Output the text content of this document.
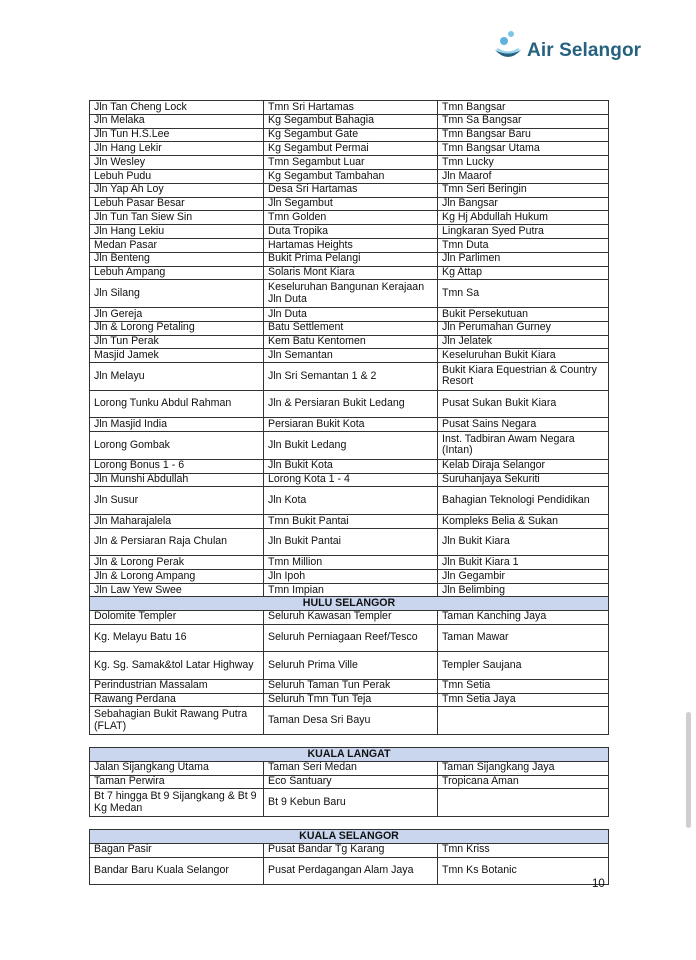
Air Selangor
Jln Tan Cheng Lock	Tmn Sri Hartamas	Tmn Bangsar
Jln Melaka	Kg Segambut Bahagia	Tmn Sa Bangsar
Jln Tun H.S.Lee	Kg Segambut Gate	Tmn Bangsar Baru
Jln Hang Lekir	Kg Segambut Permai	Tmn Bangsar Utama
Jln Wesley	Tmn Segambut Luar	Tmn Lucky
Lebuh Pudu	Kg Segambut Tambahan	Jln Maarof
Jln Yap Ah Loy	Desa Sri Hartamas	Tmn Seri Beringin
Lebuh Pasar Besar	Jln Segambut	Jln Bangsar
Jln Tun Tan Siew Sin	Tmn Golden	Kg Hj Abdullah Hukum
Jln Hang Lekiu	Duta Tropika	Lingkaran Syed Putra
Medan Pasar	Hartamas Heights	Tmn Duta
Jln Benteng	Bukit Prima Pelangi	Jln Parlimen
Lebuh Ampang	Solaris Mont Kiara	Kg Attap
Jln Silang	Keseluruhan Bangunan Kerajaan Jln Duta	Tmn Sa
Jln Gereja	Jln Duta	Bukit Persekutuan
Jln & Lorong Petaling	Batu Settlement	Jln Perumahan Gurney
Jln Tun Perak	Kem Batu Kentomen	Jln Jelatek
Masjid Jamek	Jln Semantan	Keseluruhan Bukit Kiara
Jln Melayu	Jln Sri Semantan 1 & 2	Bukit Kiara Equestrian & Country Resort
Lorong Tunku Abdul Rahman	Jln & Persiaran Bukit Ledang	Pusat Sukan Bukit Kiara
Jln Masjid India	Persiaran Bukit Kota	Pusat Sains Negara
Lorong Gombak	Jln Bukit Ledang	Inst. Tadbiran Awam Negara (Intan)
Lorong Bonus 1 - 6	Jln Bukit Kota	Kelab Diraja Selangor
Jln Munshi Abdullah	Lorong Kota 1 - 4	Suruhanjaya Sekuriti
Jln Susur	Jln Kota	Bahagian Teknologi Pendidikan
Jln Maharajalela	Tmn Bukit Pantai	Kompleks Belia & Sukan
Jln & Persiaran Raja Chulan	Jln Bukit Pantai	Jln Bukit Kiara
Jln & Lorong Perak	Tmn Million	Jln Bukit Kiara 1
Jln & Lorong Ampang	Jln Ipoh	Jln Gegambir
Jln Law Yew Swee	Tmn Impian	Jln Belimbing
HULU SELANGOR		
Dolomite Templer	Seluruh Kawasan Templer	Taman Kanching Jaya
Kg. Melayu Batu 16	Seluruh Perniagaan Reef/Tesco	Taman Mawar
Kg. Sg. Samak&tol Latar Highway	Seluruh Prima Ville	Templer Saujana
Perindustrian Massalam	Seluruh Taman Tun Perak	Tmn Setia
Rawang Perdana	Seluruh Tmn Tun Teja	Tmn Setia Jaya
Sebahagian Bukit Rawang Putra (FLAT)	Taman Desa Sri Bayu	
KUALA LANGAT		
Jalan Sijangkang Utama	Taman Seri Medan	Taman Sijangkang Jaya
Taman Perwira	Eco Santuary	Tropicana Aman
Bt 7 hingga Bt 9 Sijangkang & Bt 9 Kg Medan	Bt 9 Kebun Baru	
KUALA SELANGOR		
Bagan Pasir	Pusat Bandar Tg Karang	Tmn Kriss
Bandar Baru Kuala Selangor	Pusat Perdagangan Alam Jaya	Tmn Ks Botanic
10
